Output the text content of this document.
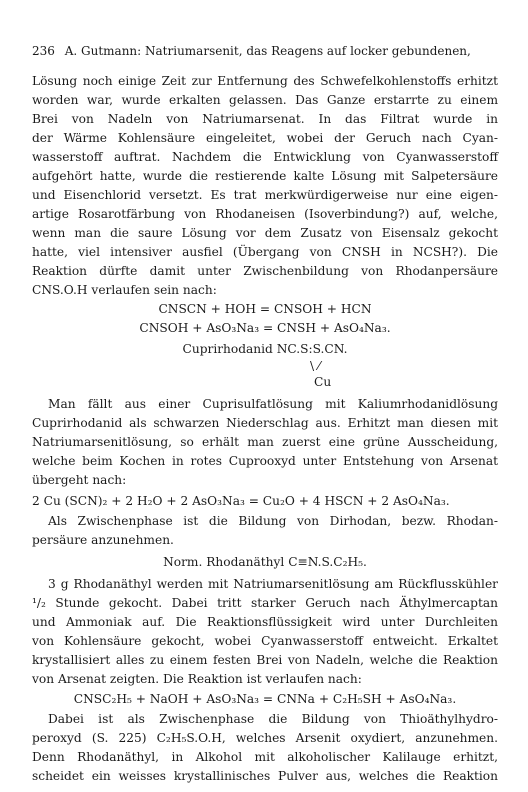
236 A. Gutmann: Natriumarsenit, das Reagens auf locker gebundenen,
Lösung noch einige Zeit zur Entfernung des Schwefelkohlenstoffs erhitzt
worden war, wurde erkalten gelassen. Das Ganze erstarrte zu einem
Brei von Nadeln von Natriumarsenat. In das Filtrat wurde in
der Wärme Kohlensäure eingeleitet, wobei der Geruch nach Cyan-
wasserstoff auftrat. Nachdem die Entwicklung von Cyanwasserstoff
aufgehört hatte, wurde die restierende kalte Lösung mit Salpetersäure
und Eisenchlorid versetzt. Es trat merkwürdigerweise nur eine eigen-
artige Rosarotfärbung von Rhodaneisen (Isoverbindung?) auf, welche,
wenn man die saure Lösung vor dem Zusatz von Eisensalz gekocht
hatte, viel intensiver ausfiel (Übergang von CNSH in NCSH?). Die
Reaktion dürfte damit unter Zwischenbildung von Rhodanpersäure
CNS.O.H verlaufen sein nach:
CNSCN + HOH = CNSOH + HCN
CNSOH + AsO₃Na₃ = CNSH + AsO₄Na₃.
Cuprirhodanid NC.S:S.CN.
\ ⁄
Cu
Man fällt aus einer Cuprisulfatlösung mit Kaliumrhodanidlösung
Cuprirhodanid als schwarzen Niederschlag aus. Erhitzt man diesen mit
Natriumarsenitlösung, so erhält man zuerst eine grüne Ausscheidung,
welche beim Kochen in rotes Cuprooxyd unter Entstehung von Arsenat
übergeht nach:
2 Cu (SCN)₂ + 2 H₂O + 2 AsO₃Na₃ = Cu₂O + 4 HSCN + 2 AsO₄Na₃.
Als Zwischenphase ist die Bildung von Dirhodan, bezw. Rhodan-
persäure anzunehmen.
Norm. Rhodanäthyl C≡N.S.C₂H₅.
3 g Rhodanäthyl werden mit Natriumarsenitlösung am Rückflusskühler
¹/₂ Stunde gekocht. Dabei tritt starker Geruch nach Äthylmercaptan
und Ammoniak auf. Die Reaktionsflüssigkeit wird unter Durchleiten
von Kohlensäure gekocht, wobei Cyanwasserstoff entweicht. Erkaltet
krystallisiert alles zu einem festen Brei von Nadeln, welche die Reaktion
von Arsenat zeigten. Die Reaktion ist verlaufen nach:
CNSC₂H₅ + NaOH + AsO₃Na₃ = CNNa + C₂H₅SH + AsO₄Na₃.
Dabei ist als Zwischenphase die Bildung von Thioäthylhydro-
peroxyd (S. 225) C₂H₅S.O.H, welches Arsenit oxydiert, anzunehmen.
Denn Rhodanäthyl, in Alkohol mit alkoholischer Kalilauge erhitzt,
scheidet ein weisses krystallinisches Pulver aus, welches die Reaktion
